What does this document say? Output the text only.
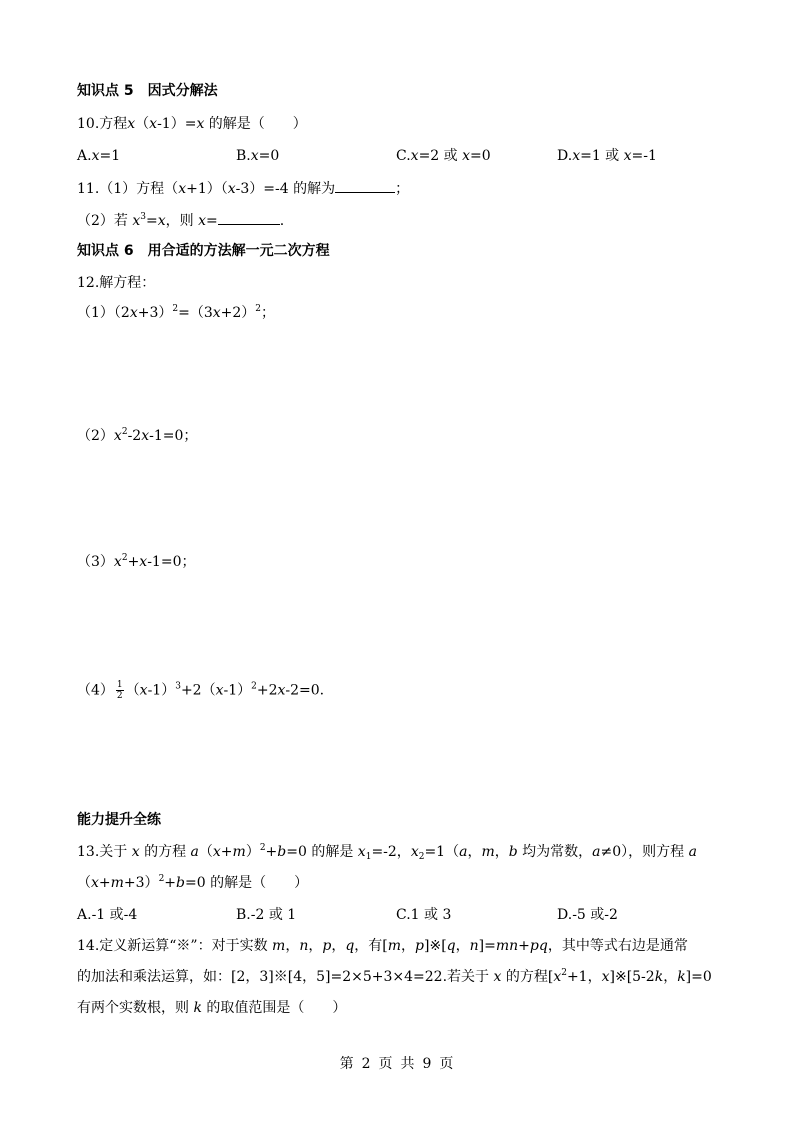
知识点 5　因式分解法
10.方程x（x-1）=x 的解是（　　）
A.x=1	B.x=0	C.x=2 或 x=0	D.x=1 或 x=-1
11.（1）方程（x+1）（x-3）=-4 的解为	；
（2）若 $x^3=x$，则 x=	.
知识点 6　用合适的方法解一元二次方程
12.解方程：
$(1)(2x+3)^2=(3x+2)^2$；
$(2)x^2-2x-1=0$；
$(3)x^2+x-1=0$；
$(4) \frac{1}{2} (x-1)^3+2(x-1)^2+2x-2=0$.
能力提升全练
13.关于 x 的方程 $a(x+m)^2+b=0$ 的解是 $x_1=-2$，$x_2=1(a$，m，b 均为常数，a≠0），则方程 a
$(x+m+3)^2+b=0$ 的解是（　　）
A.-1 或-4	B.-2 或 1	C.1 或 3	D.-5 或-2
14.定义新运算“※”：对于实数 m，n，p，q，有[m，p]※[q，n]=mn+pq，其中等式右边是通常
的加法和乘法运算，如：[2，3]※[4，5]=2×5+3×4=22.若关于 x 的方程[$x^2+1$，x]※[5-2k，k]=0
有两个实数根，则 k 的取值范围是（　　）
第 2 页 共 9 页
